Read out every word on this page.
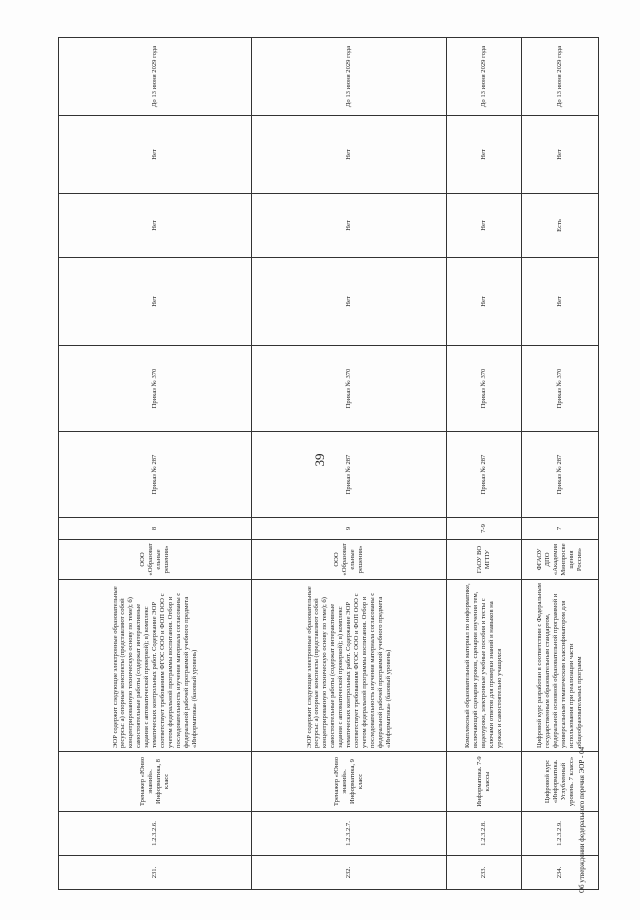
39
231.	1.2.3.2.6.	Тренажер «Юнио знаний». Информатика, 8 класс	ЭОР содержит следующие электронные образовательные ресурсы: а) опорные конспекты (представляют собой концентрированную техническую основу по теме); б) самостоятельные работы (содержат интерактивные задания с автоматической проверкой); в) комплекс тематических контрольных работ. Содержание ЭОР соответствует требованиям ФГОС ООО и ФОП ООО с учетом федеральной программы воспитания. Отбор и последовательность изучения материала согласованы с федеральной рабочей программой учебного предмета «Информатика» (базовый уровень)	ООО «Образовательные решения»	8	Приказ № 287	Приказ № 370	Нет	Нет	Нет	До 13 июня 2029 года
232.	1.2.3.2.7.	Тренажер «Юнио знаний». Информатика, 9 класс	ЭОР содержит следующие электронные образовательные ресурсы: а) опорные конспекты (представляют собой концентрированную техническую основу по теме); б) самостоятельные работы (содержат интерактивные задания с автоматической проверкой); в) комплекс тематических контрольных работ. Содержание ЭОР соответствует требованиям ФГОС ООО и ФОП ООО с учетом федеральной программы воспитания. Отбор и последовательность изучения материала согласованы с федеральной рабочей программой учебного предмета «Информатика» (базовый уровень)	ООО «Образовательные решения»	9	Приказ № 287	Приказ № 370	Нет	Нет	Нет	До 13 июня 2029 года
233.	1.2.3.2.8.	Информатика. 7-9 классы	Комплексный образовательный материал по информатике, включающий сценарии уроков, сценарии изучения тем, видеоуроки, электронные учебные пособия и тесты с ключами ответов для проверки знаний и навыков на уроках и самостоятельно учащихся	ГАОУ ВО МГПУ	7-9	Приказ № 287	Приказ № 370	Нет	Нет	Нет	До 13 июня 2029 года
234.	1.2.3.2.9.	Цифровой курс «Информатика. Углубленный уровень. 7 класс»	Цифровой курс разработан в соответствии с Федеральным государственным образовательным стандартом, федеральной основной образовательной программой и универсальным тематическим классификатором для использования при реализации части общеобразовательных программ	ФГАОУ ДПО «Академия Минпросвещения России»	7	Приказ № 287	Приказ № 370	Нет	Есть	Нет	До 13 июня 2029 года
Об утверждении федерального перечня ЭОР - 04
